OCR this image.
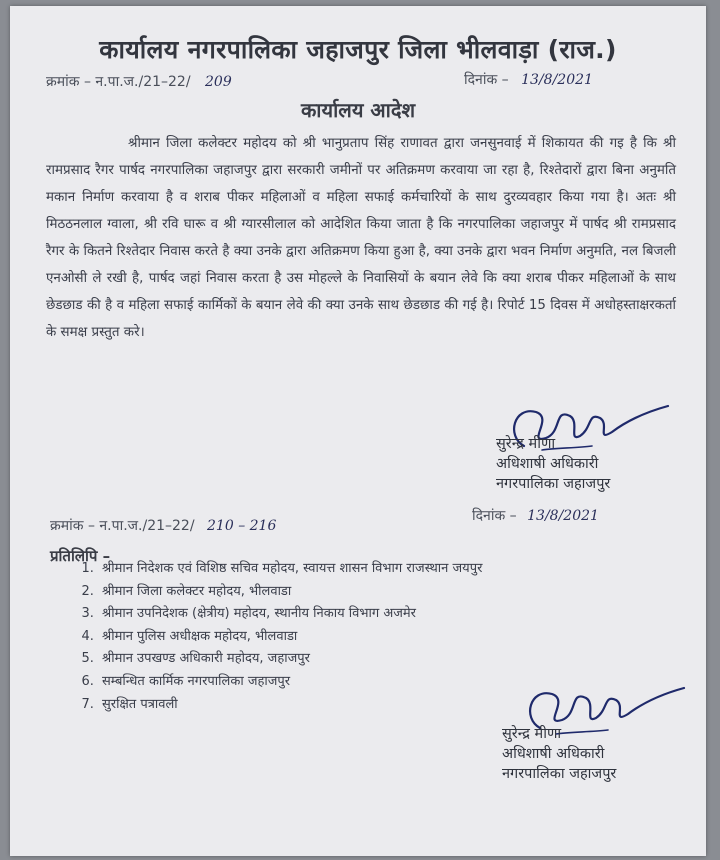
कार्यालय नगरपालिका जहाजपुर जिला भीलवाड़ा (राज.)
क्रमांक – न.पा.ज./21–22/ 209	दिनांक – 13/8/2021
कार्यालय आदेश
श्रीमान जिला कलेक्टर महोदय को श्री भानुप्रताप सिंह राणावत द्वारा जनसुनवाई में शिकायत की गइ है कि श्री रामप्रसाद रैगर पार्षद नगरपालिका जहाजपुर द्वारा सरकारी जमीनों पर अतिक्रमण करवाया जा रहा है, रिश्तेदारों द्वारा बिना अनुमति मकान निर्माण करवाया है व शराब पीकर महिलाओं व महिला सफाई कर्मचारियों के साथ दुरव्यवहार किया गया है। अतः श्री मिठठनलाल ग्वाला, श्री रवि घारू व श्री ग्यारसीलाल को आदेशित किया जाता है कि नगरपालिका जहाजपुर में पार्षद श्री रामप्रसाद रैगर के कितने रिश्तेदार निवास करते है क्या उनके द्वारा अतिक्रमण किया हुआ है, क्या उनके द्वारा भवन निर्माण अनुमति, नल बिजली एनओसी ले रखी है, पार्षद जहां निवास करता है उस मोहल्ले के निवासियों के बयान लेवे कि क्या शराब पीकर महिलाओं के साथ छेडछाड की है व महिला सफाई कार्मिकों के बयान लेवे की क्या उनके साथ छेडछाड की गई है। रिपोर्ट 15 दिवस में अधोहस्ताक्षरकर्ता के समक्ष प्रस्तुत करे।
सुरेन्द्र मीणा
अधिशाषी अधिकारी
नगरपालिका जहाजपुर
क्रमांक – न.पा.ज./21–22/ 210 – 216
दिनांक – 13/8/2021
प्रतिलिपि –
1. श्रीमान निदेशक एवं विशिष्ठ सचिव महोदय, स्वायत्त शासन विभाग राजस्थान जयपुर
2. श्रीमान जिला कलेक्टर महोदय, भीलवाडा
3. श्रीमान उपनिदेशक (क्षेत्रीय) महोदय, स्थानीय निकाय विभाग अजमेर
4. श्रीमान पुलिस अधीक्षक महोदय, भीलवाडा
5. श्रीमान उपखण्ड अधिकारी महोदय, जहाजपुर
6. सम्बन्धित कार्मिक नगरपालिका जहाजपुर
7. सुरक्षित पत्रावली
सुरेन्द्र मीणा
अधिशाषी अधिकारी
नगरपालिका जहाजपुर
